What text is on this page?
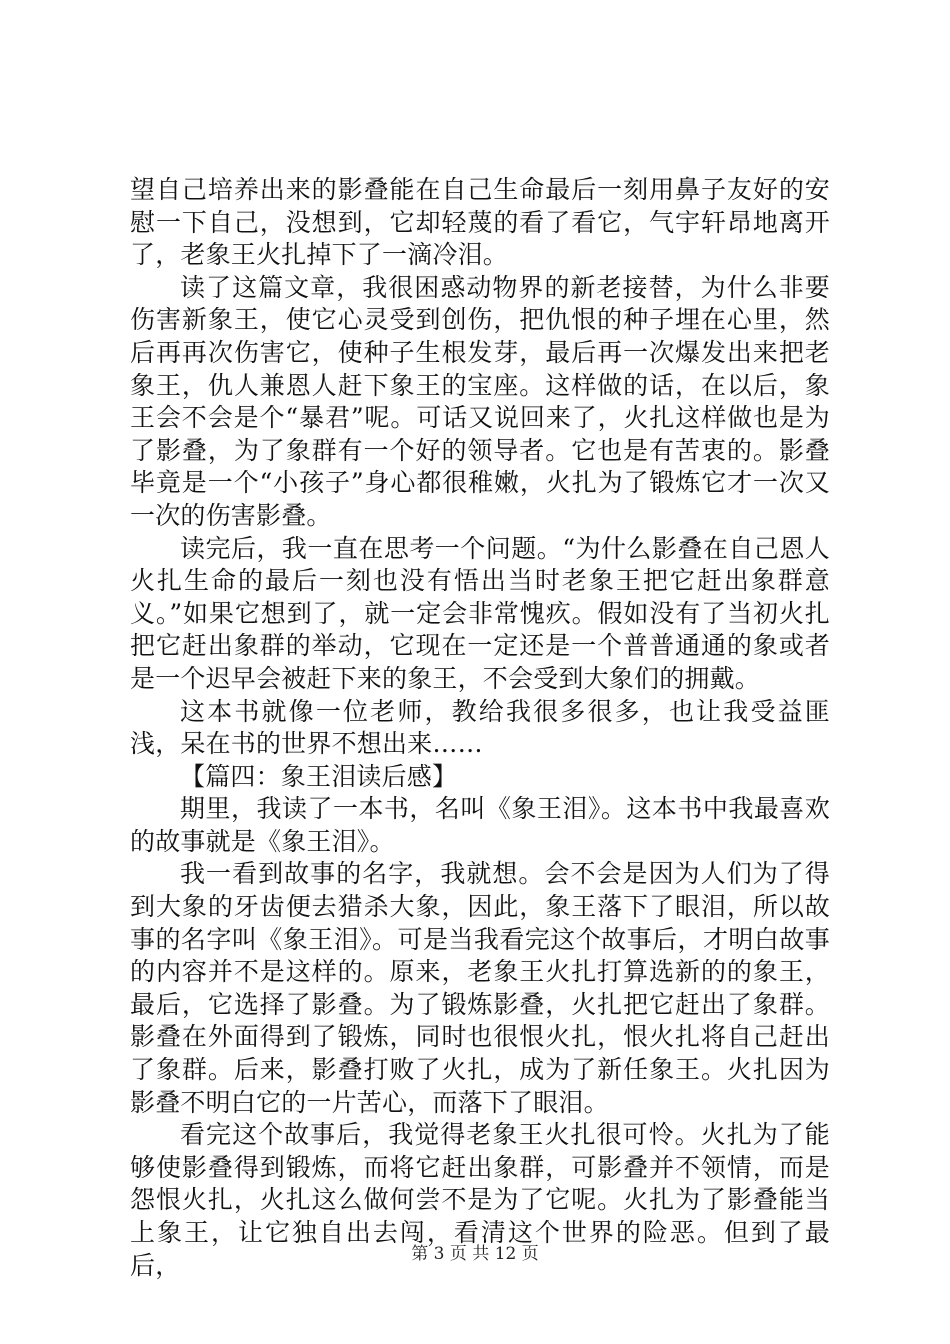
望自己培养出来的影叠能在自己生命最后一刻用鼻子友好的安慰一下自己，没想到，它却轻蔑的看了看它，气宇轩昂地离开了，老象王火扎掉下了一滴冷泪。

读了这篇文章，我很困惑动物界的新老接替，为什么非要伤害新象王，使它心灵受到创伤，把仇恨的种子埋在心里，然后再再次伤害它，使种子生根发芽，最后再一次爆发出来把老象王，仇人兼恩人赶下象王的宝座。这样做的话，在以后，象王会不会是个“暴君”呢。可话又说回来了，火扎这样做也是为了影叠，为了象群有一个好的领导者。它也是有苦衷的。影叠毕竟是一个“小孩子”身心都很稚嫩，火扎为了锻炼它才一次又一次的伤害影叠。

读完后，我一直在思考一个问题。“为什么影叠在自己恩人火扎生命的最后一刻也没有悟出当时老象王把它赶出象群意义。”如果它想到了，就一定会非常愧疚。假如没有了当初火扎把它赶出象群的举动，它现在一定还是一个普普通通的象或者是一个迟早会被赶下来的象王，不会受到大象们的拥戴。

这本书就像一位老师，教给我很多很多，也让我受益匪浅，呆在书的世界不想出来……

【篇四：象王泪读后感】

期里，我读了一本书，名叫《象王泪》。这本书中我最喜欢的故事就是《象王泪》。

我一看到故事的名字，我就想。会不会是因为人们为了得到大象的牙齿便去猎杀大象，因此，象王落下了眼泪，所以故事的名字叫《象王泪》。可是当我看完这个故事后，才明白故事的内容并不是这样的。原来，老象王火扎打算选新的的象王，最后，它选择了影叠。为了锻炼影叠，火扎把它赶出了象群。影叠在外面得到了锻炼，同时也很恨火扎，恨火扎将自己赶出了象群。后来，影叠打败了火扎，成为了新任象王。火扎因为影叠不明白它的一片苦心，而落下了眼泪。

看完这个故事后，我觉得老象王火扎很可怜。火扎为了能够使影叠得到锻炼，而将它赶出象群，可影叠并不领情，而是怨恨火扎，火扎这么做何尝不是为了它呢。火扎为了影叠能当上象王，让它独自出去闯，看清这个世界的险恶。但到了最后，	第 3 页 共 12 页
